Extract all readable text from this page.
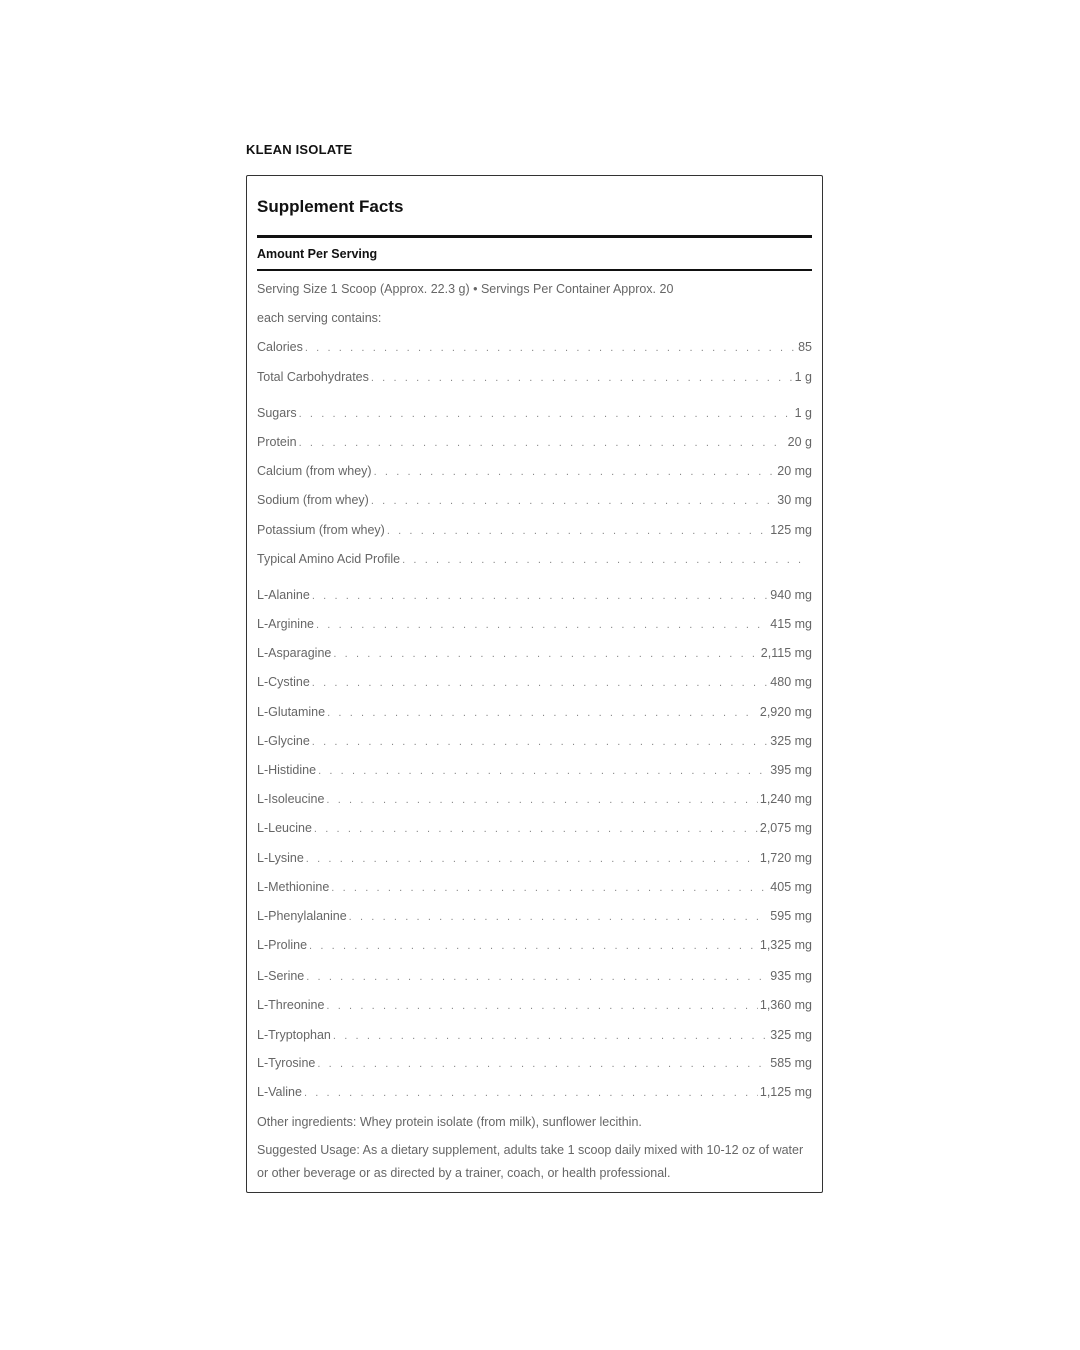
KLEAN ISOLATE
Supplement Facts
Amount Per Serving
Serving Size 1 Scoop (Approx. 22.3 g) • Servings Per Container Approx. 20
each serving contains:
Calories . . .	85
Total Carbohydrates . . .	1 g
Sugars . . .	1 g
Protein . . .	20 g
Calcium (from whey) . . .	20 mg
Sodium (from whey) . . .	30 mg
Potassium (from whey) . . .	125 mg
Typical Amino Acid Profile
. . .
L-Alanine . . .	940 mg
L-Arginine . . .	415 mg
L-Asparagine . . .	2,115 mg
L-Cystine . . .	480 mg
L-Glutamine . . .	2,920 mg
L-Glycine . . .	325 mg
L-Histidine . . .	395 mg
L-Isoleucine . . .	1,240 mg
L-Leucine . . .	2,075 mg
L-Lysine . . .	1,720 mg
L-Methionine . . .	405 mg
L-Phenylalanine . . .	595 mg
L-Proline . . .	1,325 mg
L-Serine . . .	935 mg
L-Threonine . . .	1,360 mg
L-Tryptophan . . .	325 mg
L-Tyrosine . . .	585 mg
L-Valine . . .	1,125 mg
Other ingredients: Whey protein isolate (from milk), sunflower lecithin.
Suggested Usage: As a dietary supplement, adults take 1 scoop daily mixed with 10-12 oz of water or other beverage or as directed by a trainer, coach, or health professional.
